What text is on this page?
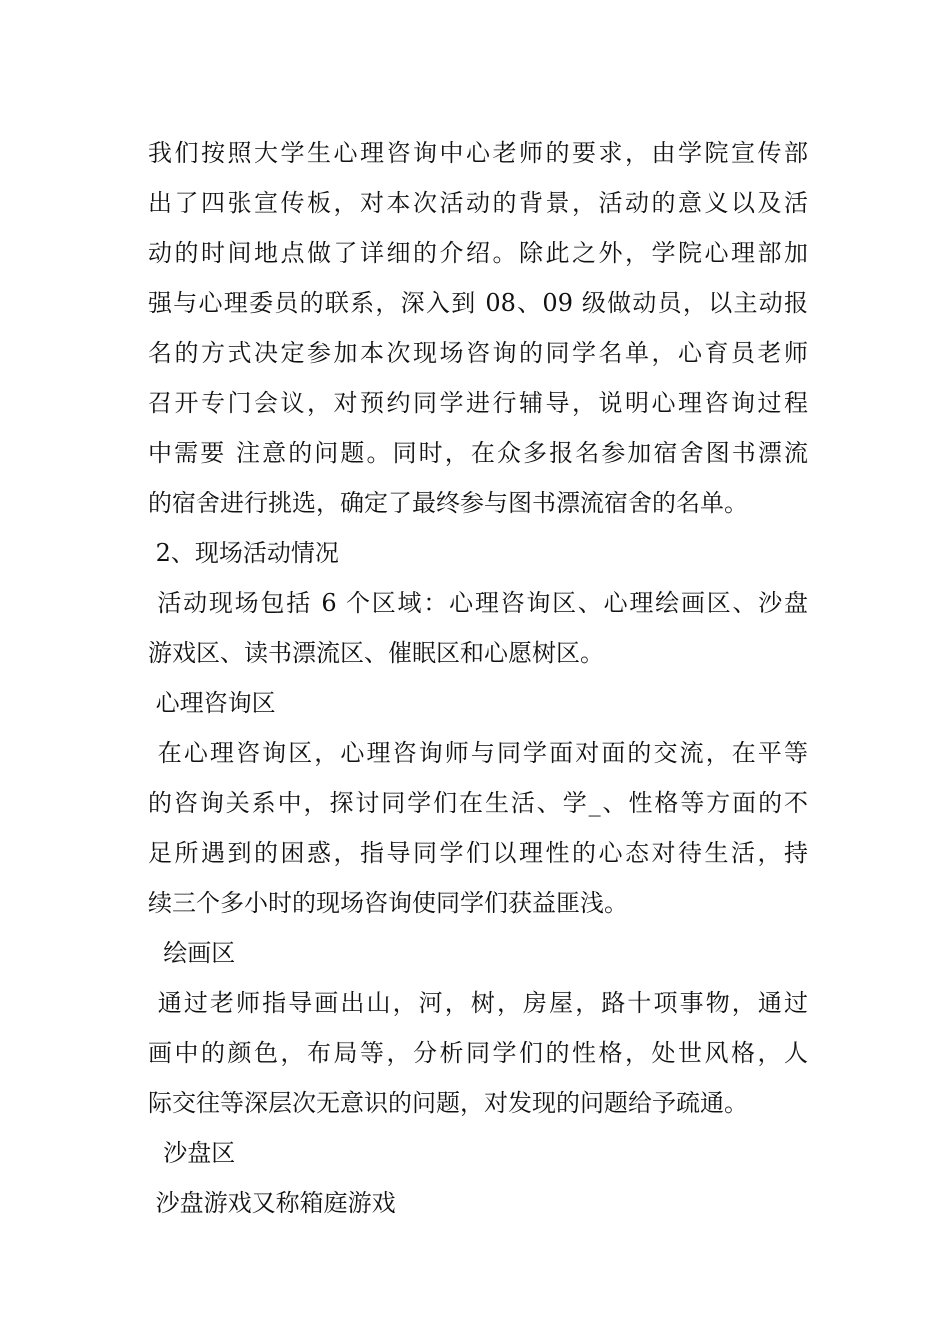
我们按照大学生心理咨询中心老师的要求，由学院宣传部
出了四张宣传板，对本次活动的背景，活动的意义以及活
动的时间地点做了详细的介绍。除此之外，学院心理部加
强与心理委员的联系，深入到 08、09 级做动员，以主动报
名的方式决定参加本次现场咨询的同学名单，心育员老师
召开专门会议，对预约同学进行辅导，说明心理咨询过程
中需要 注意的问题。同时，在众多报名参加宿舍图书漂流
的宿舍进行挑选，确定了最终参与图书漂流宿舍的名单。
2、现场活动情况
活动现场包括 6 个区域：心理咨询区、心理绘画区、沙盘
游戏区、读书漂流区、催眠区和心愿树区。
心理咨询区
在心理咨询区，心理咨询师与同学面对面的交流，在平等
的咨询关系中，探讨同学们在生活、学_、性格等方面的不
足所遇到的困惑，指导同学们以理性的心态对待生活，持
续三个多小时的现场咨询使同学们获益匪浅。
绘画区
通过老师指导画出山，河，树，房屋，路十项事物，通过
画中的颜色，布局等，分析同学们的性格，处世风格，人
际交往等深层次无意识的问题，对发现的问题给予疏通。
沙盘区
沙盘游戏又称箱庭游戏
